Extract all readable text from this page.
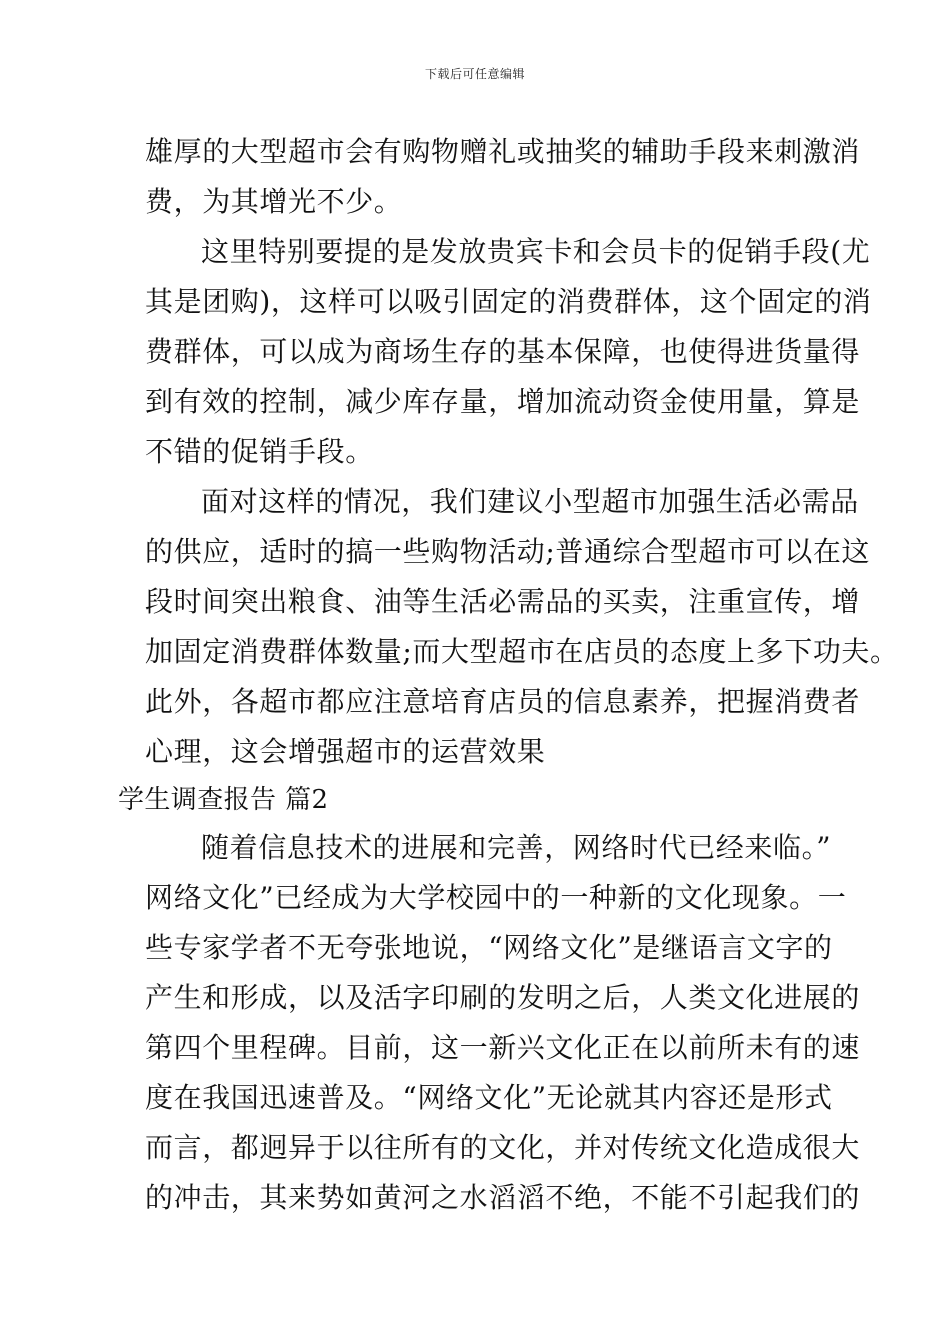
下载后可任意编辑
雄厚的大型超市会有购物赠礼或抽奖的辅助手段来刺激消
费，为其增光不少。
这里特别要提的是发放贵宾卡和会员卡的促销手段(尤
其是团购)，这样可以吸引固定的消费群体，这个固定的消
费群体，可以成为商场生存的基本保障，也使得进货量得
到有效的控制，减少库存量，增加流动资金使用量，算是
不错的促销手段。
面对这样的情况，我们建议小型超市加强生活必需品
的供应，适时的搞一些购物活动;普通综合型超市可以在这
段时间突出粮食、油等生活必需品的买卖，注重宣传，增
加固定消费群体数量;而大型超市在店员的态度上多下功夫。
此外，各超市都应注意培育店员的信息素养，把握消费者
心理，这会增强超市的运营效果
学生调查报告 篇2
随着信息技术的进展和完善，网络时代已经来临。”
网络文化”已经成为大学校园中的一种新的文化现象。一
些专家学者不无夸张地说，“网络文化”是继语言文字的
产生和形成，以及活字印刷的发明之后，人类文化进展的
第四个里程碑。目前，这一新兴文化正在以前所未有的速
度在我国迅速普及。“网络文化”无论就其内容还是形式
而言，都迥异于以往所有的文化，并对传统文化造成很大
的冲击，其来势如黄河之水滔滔不绝，不能不引起我们的
